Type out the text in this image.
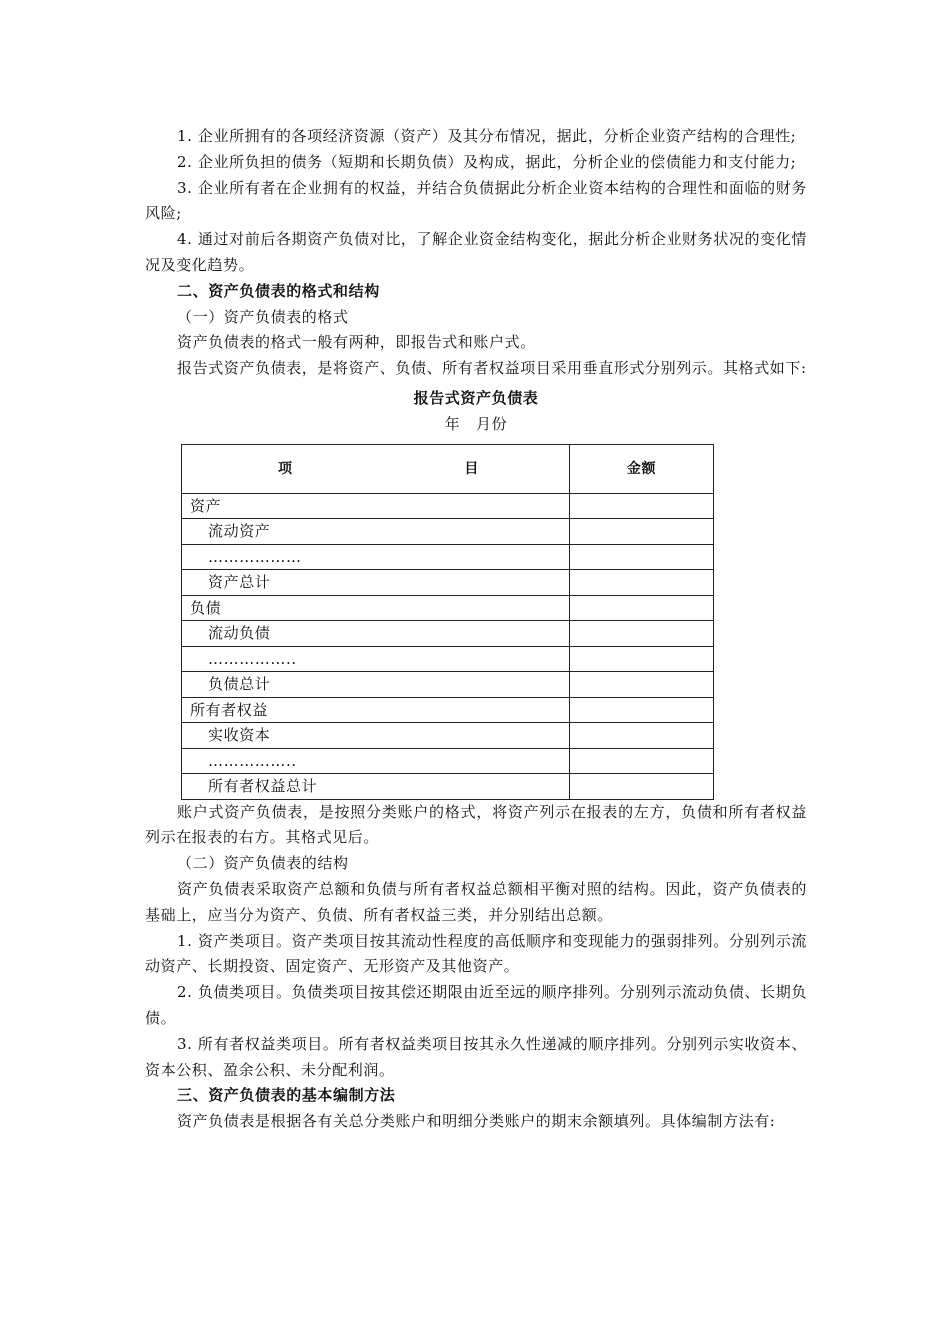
1. 企业所拥有的各项经济资源（资产）及其分布情况，据此，分析企业资产结构的合理性;

2. 企业所负担的债务（短期和长期负债）及构成，据此，分析企业的偿债能力和支付能力;

3. 企业所有者在企业拥有的权益，并结合负债据此分析企业资本结构的合理性和面临的财务风险;

4. 通过对前后各期资产负债对比，了解企业资金结构变化，据此分析企业财务状况的变化情况及变化趋势。

二、资产负债表的格式和结构

（一）资产负债表的格式

资产负债表的格式一般有两种，即报告式和账户式。

报告式资产负债表，是将资产、负债、所有者权益项目采用垂直形式分别列示。其格式如下:

报告式资产负债表

年　月份

项 目	金额
资产	
流动资产	
………………	
资产总计	
负债	
流动负债	
……………..	
负债总计	
所有者权益	
实收资本	
……………..	
所有者权益总计	

账户式资产负债表，是按照分类账户的格式，将资产列示在报表的左方，负债和所有者权益列示在报表的右方。其格式见后。

（二）资产负债表的结构

资产负债表采取资产总额和负债与所有者权益总额相平衡对照的结构。因此，资产负债表的基础上，应当分为资产、负债、所有者权益三类，并分别结出总额。

1. 资产类项目。资产类项目按其流动性程度的高低顺序和变现能力的强弱排列。分别列示流动资产、长期投资、固定资产、无形资产及其他资产。

2. 负债类项目。负债类项目按其偿还期限由近至远的顺序排列。分别列示流动负债、长期负债。

3. 所有者权益类项目。所有者权益类项目按其永久性递减的顺序排列。分别列示实收资本、资本公积、盈余公积、未分配利润。

三、资产负债表的基本编制方法

资产负债表是根据各有关总分类账户和明细分类账户的期末余额填列。具体编制方法有:
